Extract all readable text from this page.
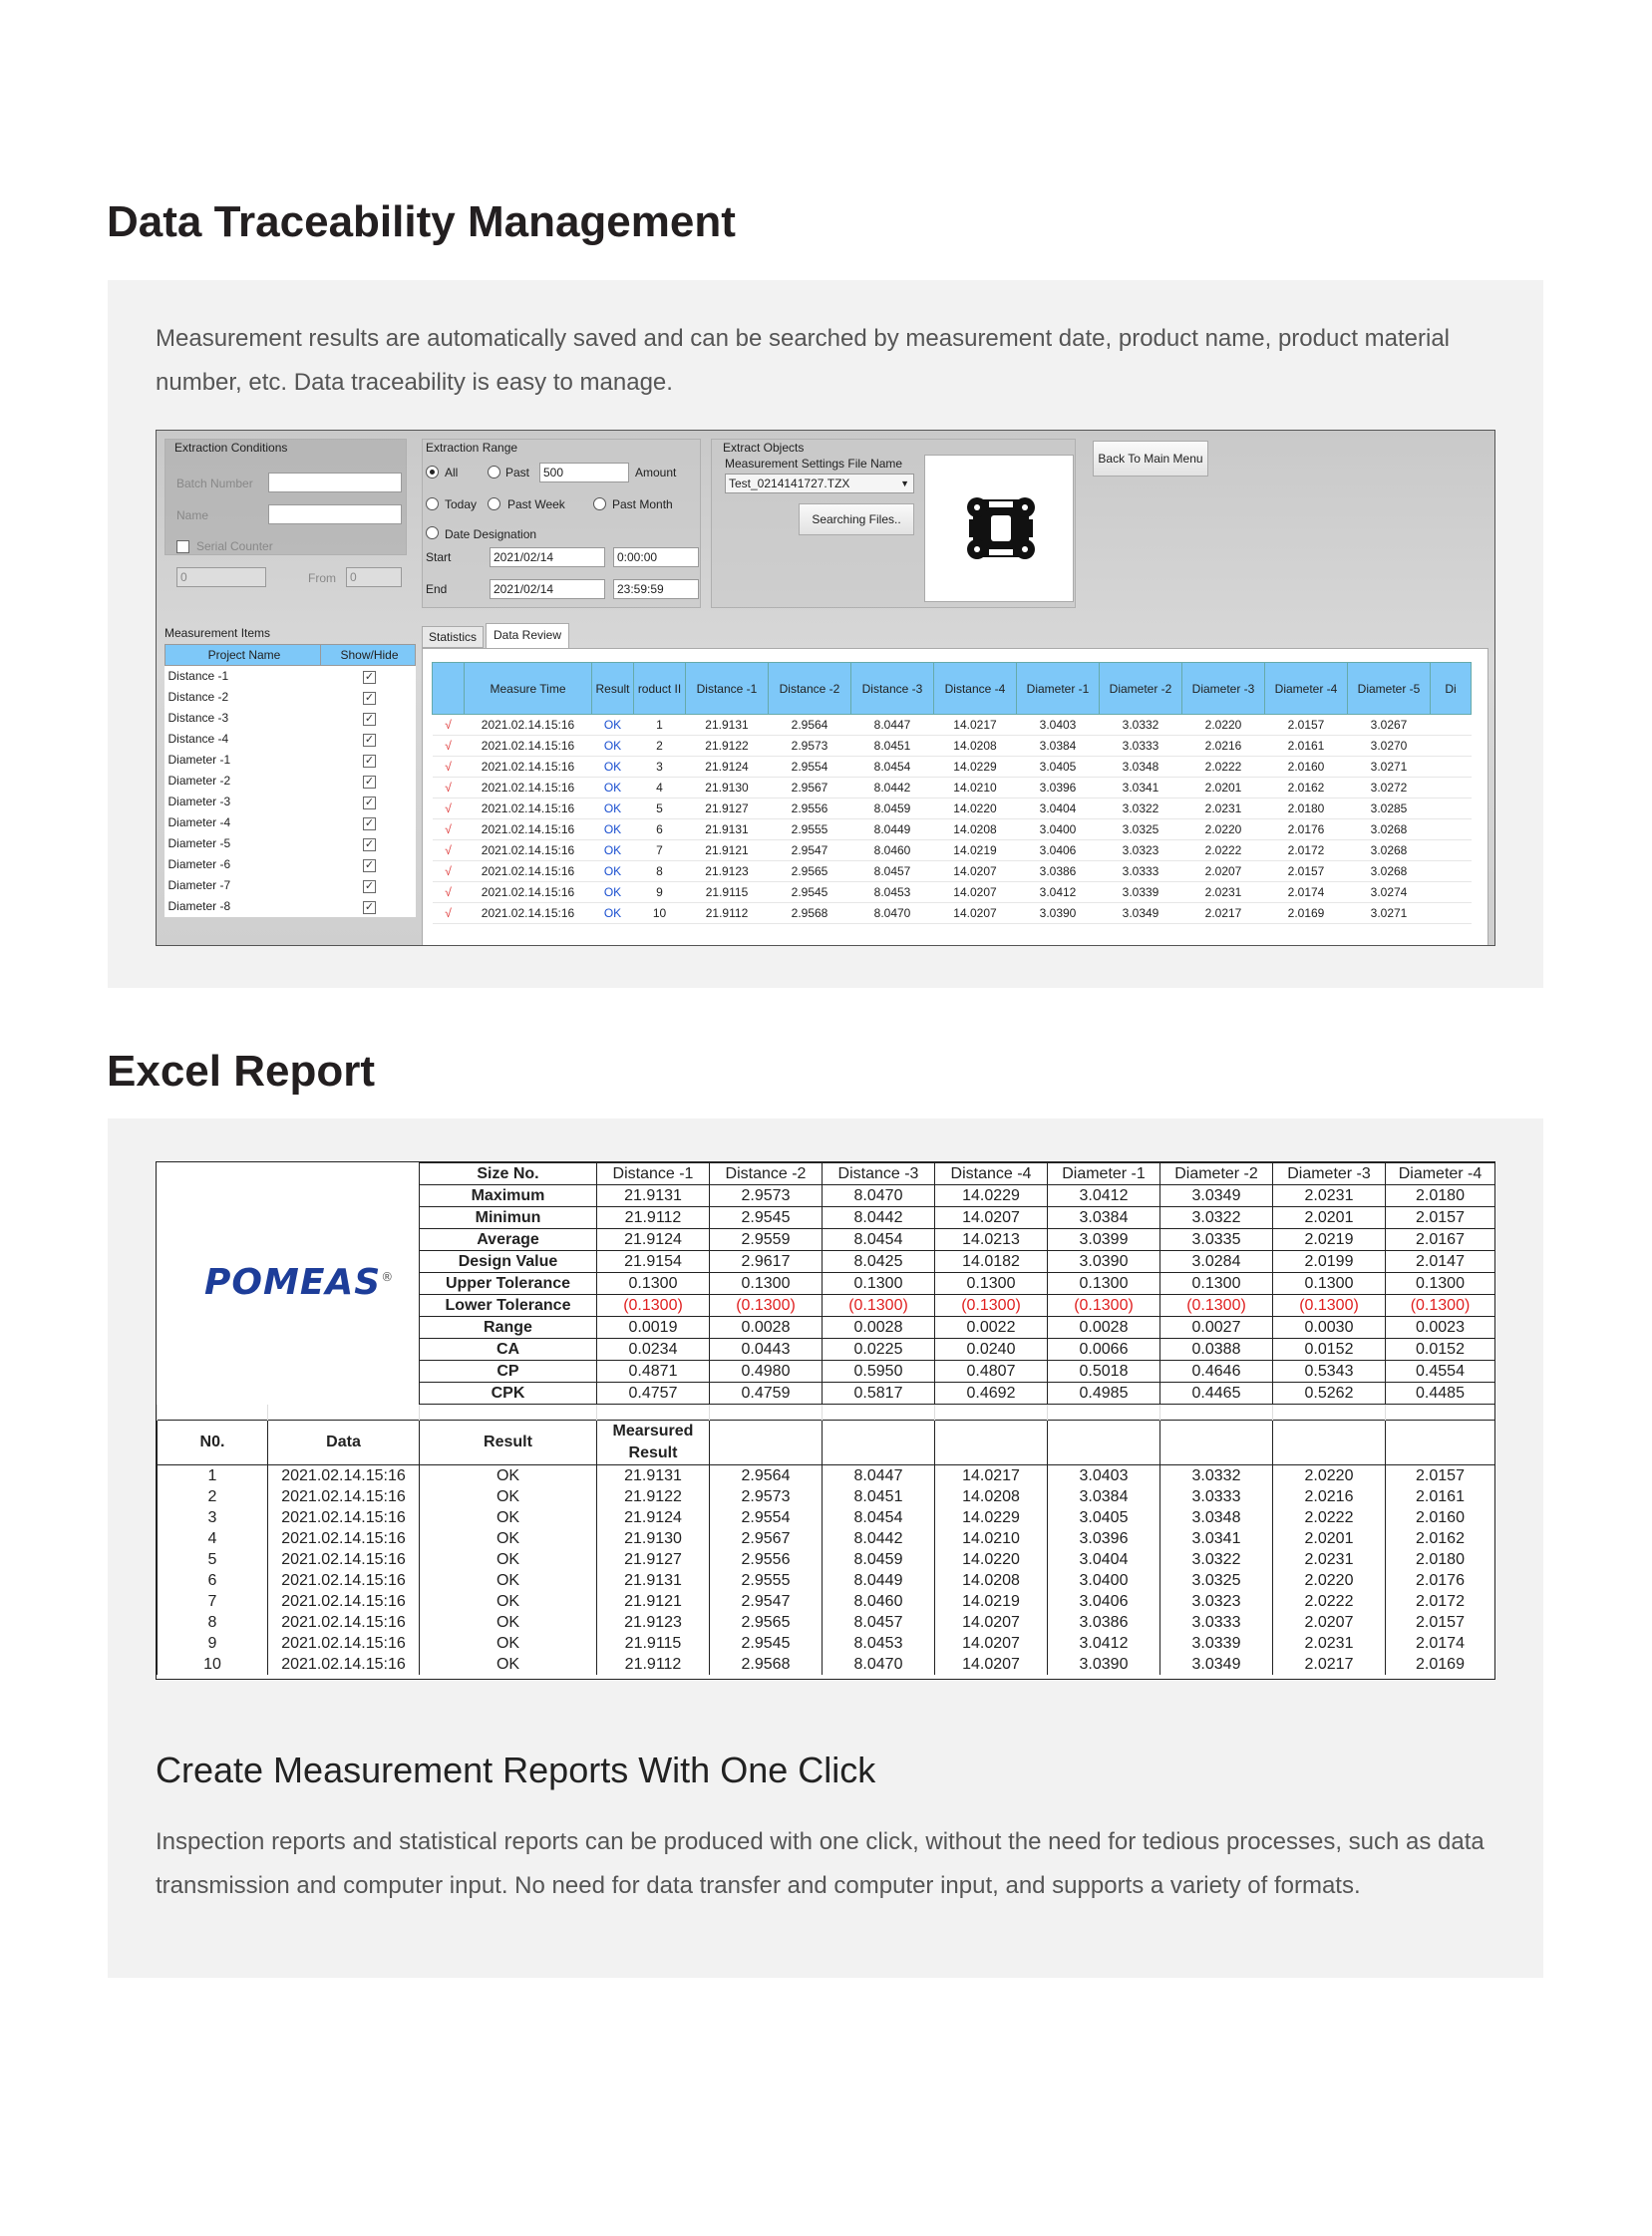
Data Traceability Management
Measurement results are automatically saved and can be searched by measurement date, product name, product material number, etc. Data traceability is easy to manage.
Extraction Conditions
Batch Number
Name
Serial Counter
0	From	0
Extraction Range
All	Past	500	Amount
Today	Past Week	Past Month
Date Designation
Start	2021/02/14	0:00:00
End	2021/02/14	23:59:59
Extract Objects
Measurement Settings File Name
Test_0214141727.TZX	▼
Searching Files..
Back To Main Menu
Measurement Items
Project Name	Show/Hide
Distance -1	✓
Distance -2	✓
Distance -3	✓
Distance -4	✓
Diameter -1	✓
Diameter -2	✓
Diameter -3	✓
Diameter -4	✓
Diameter -5	✓
Diameter -6	✓
Diameter -7	✓
Diameter -8	✓
Statistics	Data Review
	Measure Time	Result	roduct II	Distance -1	Distance -2	Distance -3	Distance -4	Diameter -1	Diameter -2	Diameter -3	Diameter -4	Diameter -5	Di
√	2021.02.14.15:16	OK	1	21.9131	2.9564	8.0447	14.0217	3.0403	3.0332	2.0220	2.0157	3.0267	
√	2021.02.14.15:16	OK	2	21.9122	2.9573	8.0451	14.0208	3.0384	3.0333	2.0216	2.0161	3.0270	
√	2021.02.14.15:16	OK	3	21.9124	2.9554	8.0454	14.0229	3.0405	3.0348	2.0222	2.0160	3.0271	
√	2021.02.14.15:16	OK	4	21.9130	2.9567	8.0442	14.0210	3.0396	3.0341	2.0201	2.0162	3.0272	
√	2021.02.14.15:16	OK	5	21.9127	2.9556	8.0459	14.0220	3.0404	3.0322	2.0231	2.0180	3.0285	
√	2021.02.14.15:16	OK	6	21.9131	2.9555	8.0449	14.0208	3.0400	3.0325	2.0220	2.0176	3.0268	
√	2021.02.14.15:16	OK	7	21.9121	2.9547	8.0460	14.0219	3.0406	3.0323	2.0222	2.0172	3.0268	
√	2021.02.14.15:16	OK	8	21.9123	2.9565	8.0457	14.0207	3.0386	3.0333	2.0207	2.0157	3.0268	
√	2021.02.14.15:16	OK	9	21.9115	2.9545	8.0453	14.0207	3.0412	3.0339	2.0231	2.0174	3.0274	
√	2021.02.14.15:16	OK	10	21.9112	2.9568	8.0470	14.0207	3.0390	3.0349	2.0217	2.0169	3.0271	
Excel Report
POMEAS®
		Size No.	Distance -1	Distance -2	Distance -3	Distance -4	Diameter -1	Diameter -2	Diameter -3	Diameter -4
		Maximum	21.9131	2.9573	8.0470	14.0229	3.0412	3.0349	2.0231	2.0180
		Minimun	21.9112	2.9545	8.0442	14.0207	3.0384	3.0322	2.0201	2.0157
		Average	21.9124	2.9559	8.0454	14.0213	3.0399	3.0335	2.0219	2.0167
		Design Value	21.9154	2.9617	8.0425	14.0182	3.0390	3.0284	2.0199	2.0147
		Upper Tolerance	0.1300	0.1300	0.1300	0.1300	0.1300	0.1300	0.1300	0.1300
		Lower Tolerance	(0.1300)	(0.1300)	(0.1300)	(0.1300)	(0.1300)	(0.1300)	(0.1300)	(0.1300)
		Range	0.0019	0.0028	0.0028	0.0022	0.0028	0.0027	0.0030	0.0023
		CA	0.0234	0.0443	0.0225	0.0240	0.0066	0.0388	0.0152	0.0152
		CP	0.4871	0.4980	0.5950	0.4807	0.5018	0.4646	0.5343	0.4554
		CPK	0.4757	0.4759	0.5817	0.4692	0.4985	0.4465	0.5262	0.4485

N0.	Data	Result	Mearsured Result							
1	2021.02.14.15:16	OK	21.9131	2.9564	8.0447	14.0217	3.0403	3.0332	2.0220	2.0157
2	2021.02.14.15:16	OK	21.9122	2.9573	8.0451	14.0208	3.0384	3.0333	2.0216	2.0161
3	2021.02.14.15:16	OK	21.9124	2.9554	8.0454	14.0229	3.0405	3.0348	2.0222	2.0160
4	2021.02.14.15:16	OK	21.9130	2.9567	8.0442	14.0210	3.0396	3.0341	2.0201	2.0162
5	2021.02.14.15:16	OK	21.9127	2.9556	8.0459	14.0220	3.0404	3.0322	2.0231	2.0180
6	2021.02.14.15:16	OK	21.9131	2.9555	8.0449	14.0208	3.0400	3.0325	2.0220	2.0176
7	2021.02.14.15:16	OK	21.9121	2.9547	8.0460	14.0219	3.0406	3.0323	2.0222	2.0172
8	2021.02.14.15:16	OK	21.9123	2.9565	8.0457	14.0207	3.0386	3.0333	2.0207	2.0157
9	2021.02.14.15:16	OK	21.9115	2.9545	8.0453	14.0207	3.0412	3.0339	2.0231	2.0174
10	2021.02.14.15:16	OK	21.9112	2.9568	8.0470	14.0207	3.0390	3.0349	2.0217	2.0169
Create Measurement Reports With One Click
Inspection reports and statistical reports can be produced with one click, without the need for tedious processes, such as data transmission and computer input. No need for data transfer and computer input, and supports a variety of formats.
